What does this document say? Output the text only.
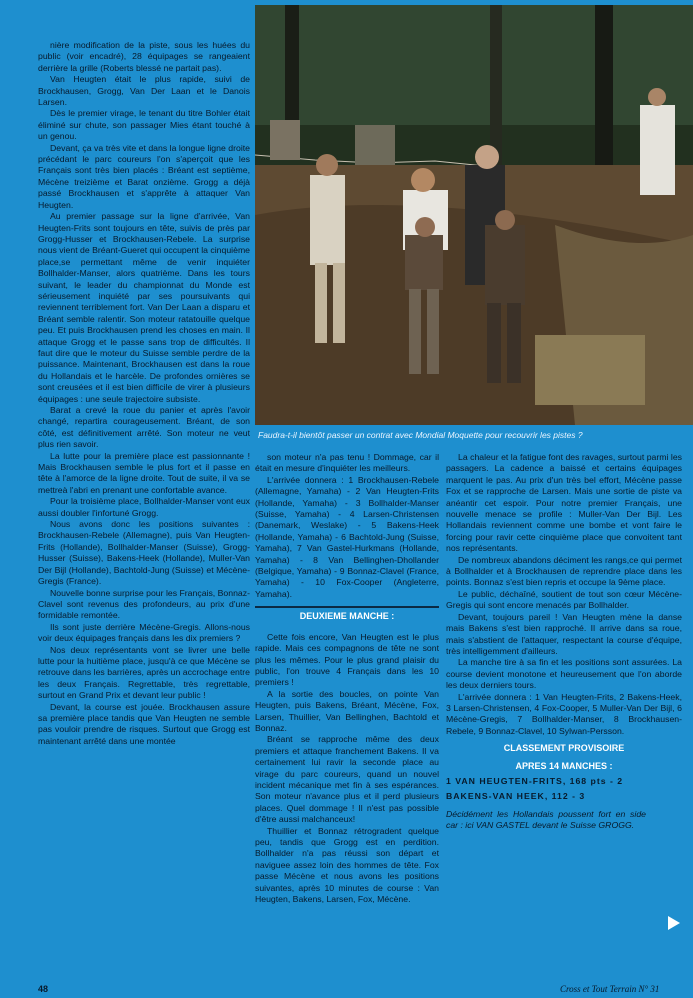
Faudra-t-il bientôt passer un contrat avec Mondial Moquette pour recouvrir les pistes ?

nière modification de la piste, sous les huées du public (voir encadré), 28 équipages se rangeaient derrière la grille (Roberts blessé ne partait pas).

Van Heugten était le plus rapide, suivi de Brockhausen, Grogg, Van Der Laan et le Danois Larsen.

Dès le premier virage, le tenant du titre Bohler était éliminé sur chute, son passager Mies étant touché à un genou.

Devant, ça va très vite et dans la longue ligne droite précédant le parc coureurs l'on s'aperçoit que les Français sont très bien placés : Bréant est septième, Mécène treizième et Barat onzième. Grogg a déjà passé Brockhausen et s'apprête à attaquer Van Heugten.

Au premier passage sur la ligne d'arrivée, Van Heugten-Frits sont toujours en tête, suivis de près par Grogg-Husser et Brockhausen-Rebele. La surprise nous vient de Bréant-Gueret qui occupent la cinquième place,se permettant même de venir inquiéter Bollhalder-Manser, alors quatrième. Dans les tours suivant, le leader du championnat du Monde est sérieusement inquiété par ses poursuivants qui reviennent terriblement fort. Van Der Laan a disparu et Bréant semble ralentir. Son moteur ratatouille quelque peu. Et puis Brockhausen prend les choses en main. Il attaque Grogg et le passe sans trop de difficultés. Il faut dire que le moteur du Suisse semble perdre de la puissance. Maintenant, Brockhausen est dans la roue du Hollandais et le harcèle. De profondes ornières se sont creusées et il est bien difficile de virer à plusieurs équipages : une seule trajectoire subsiste.

Barat a crevé la roue du panier et après l'avoir changé, repartira courageusement. Bréant, de son côté, est définitivement arrêté. Son moteur ne veut plus rien savoir.

La lutte pour la première place est passionnante ! Mais Brockhausen semble le plus fort et il passe en tête à l'amorce de la ligne droite. Tout de suite, il va se mettreà l'abri en prenant une confortable avance.

Pour la troisième place, Bollhalder-Manser vont eux aussi doubler l'infortuné Grogg.

Nous avons donc les positions suivantes : Brockhausen-Rebele (Allemagne), puis Van Heugten-Frits (Hollande), Bollhalder-Manser (Suisse), Grogg-Husser (Suisse), Bakens-Heek (Hollande), Muller-Van Der Bijl (Hollande), Bachtold-Jung (Suisse) et Mécène-Gregis (France).

Nouvelle bonne surprise pour les Français, Bonnaz-Clavel sont revenus des profondeurs, au prix d'une formidable remontée.

Ils sont juste derrière Mécène-Gregis. Allons-nous voir deux équipages français dans les dix premiers ?

Nos deux représentants vont se livrer une belle lutte pour la huitième place, jusqu'à ce que Mécène se retrouve dans les barrières, après un accrochage entre les deux Français. Regrettable, très regrettable, surtout en Grand Prix et devant leur public !

Devant, la course est jouée. Brockhausen assure sa première place tandis que Van Heugten ne semble pas vouloir prendre de risques. Surtout que Grogg est maintenant arrêté dans une montée

son moteur n'a pas tenu ! Dommage, car il était en mesure d'inquiéter les meilleurs.

L'arrivée donnera : 1 Brockhausen-Rebele (Allemagne, Yamaha) - 2 Van Heugten-Frits (Hollande, Yamaha) - 3 Bollhalder-Manser (Suisse, Yamaha) - 4 Larsen-Christensen (Danemark, Weslake) - 5 Bakens-Heek (Hollande, Yamaha) - 6 Bachtold-Jung (Suisse, Yamaha), 7 Van Gastel-Hurkmans (Hollande, Yamaha) - 8 Van Bellinghen-Dhollander (Belgique, Yamaha) - 9 Bonnaz-Clavel (France, Yamaha) - 10 Fox-Cooper (Angleterre, Yamaha).

DEUXIEME MANCHE :

Cette fois encore, Van Heugten est le plus rapide. Mais ces compagnons de tête ne sont plus les mêmes. Pour le plus grand plaisir du public, l'on trouve 4 Français dans les 10 premiers !

A la sortie des boucles, on pointe Van Heugten, puis Bakens, Bréant, Mécène, Fox, Larsen, Thuillier, Van Bellinghen, Bachtold et Bonnaz.

Bréant se rapproche même des deux premiers et attaque franchement Bakens. Il va certainement lui ravir la seconde place au virage du parc coureurs, quand un nouvel incident mécanique met fin à ses espérances. Son moteur n'avance plus et il perd plusieurs places. Quel dommage ! Il n'est pas possible d'être aussi malchanceux!

Thuillier et Bonnaz rétrogradent quelque peu, tandis que Grogg est en perdition. Bollhalder n'a pas réussi son départ et naviguee assez loin des hommes de tête. Fox passe Mécène et nous avons les positions suivantes, après 10 minutes de course : Van Heugten, Bakens, Larsen, Fox, Mécène.

La chaleur et la fatigue font des ravages, surtout parmi les passagers. La cadence a baissé et certains équipages marquent le pas. Au prix d'un très bel effort, Mécène passe Fox et se rapproche de Larsen. Mais une sortie de piste va anéantir cet espoir. Pour notre premier Français, une nouvelle menace se profile : Muller-Van Der Bijl. Les Hollandais reviennent comme une bombe et vont faire le forcing pour ravir cette cinquième place que convoitent tant nos représentants.

De nombreux abandons déciment les rangs,ce qui permet à Bollhalder et à Brockhausen de reprendre place dans les points. Bonnaz s'est bien repris et occupe la 9ème place.

Le public, déchaîné, soutient de tout son cœur Mécène-Gregis qui sont encore menacés par Bollhalder.

Devant, toujours pareil ! Van Heugten mène la danse mais Bakens s'est bien rapproché. Il arrive dans sa roue, mais s'abstient de l'attaquer, respectant la course d'équipe, très intelligemment d'ailleurs.

La manche tire à sa fin et les positions sont assurées. La course devient monotone et heureusement que l'on aborde les deux derniers tours.

L'arrivée donnera : 1 Van Heugten-Frits, 2 Bakens-Heek, 3 Larsen-Christensen, 4 Fox-Cooper, 5 Muller-Van Der Bijl, 6 Mécène-Gregis, 7 Bollhalder-Manser, 8 Brockhausen-Rebele, 9 Bonnaz-Clavel, 10 Sylwan-Persson.

CLASSEMENT PROVISOIRE
APRES 14 MANCHES :

1 VAN HEUGTEN-FRITS, 168 pts - 2

BAKENS-VAN HEEK, 112 - 3

Décidément les Hollandais poussent fort en side car : ici VAN GASTEL devant le Suisse GROGG.

48	Cross et Tout Terrain N° 31
